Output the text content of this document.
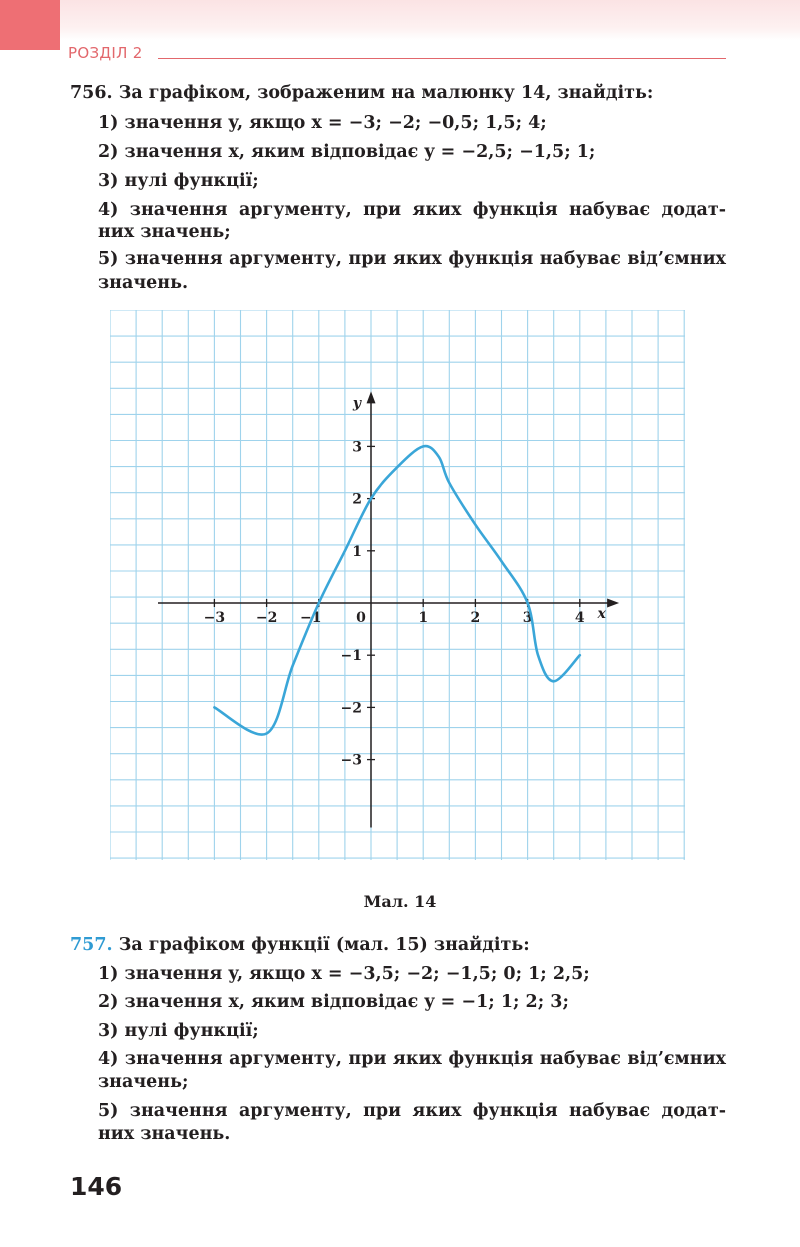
РОЗДІЛ 2
756. За графіком, зображеним на малюнку 14, знайдіть:
1) значення y, якщо x = −3; −2; −0,5; 1,5; 4;
2) значення x, яким відповідає y = −2,5; −1,5; 1;
3) нулі функції;
4) значення аргументу, при яких функція набуває додат-
них значень;
5) значення аргументу, при яких функція набуває від’ємних
значень.
−3 −2 −1 0	1	2	3	4
3
2
1
−1
−2
−3
x
y
Мал. 14
757. За графіком функції (мал. 15) знайдіть:
1) значення y, якщо x = −3,5; −2; −1,5; 0; 1; 2,5;
2) значення x, яким відповідає y = −1; 1; 2; 3;
3) нулі функції;
4) значення аргументу, при яких функція набуває від’ємних
значень;
5) значення аргументу, при яких функція набуває додат-
них значень.
146
